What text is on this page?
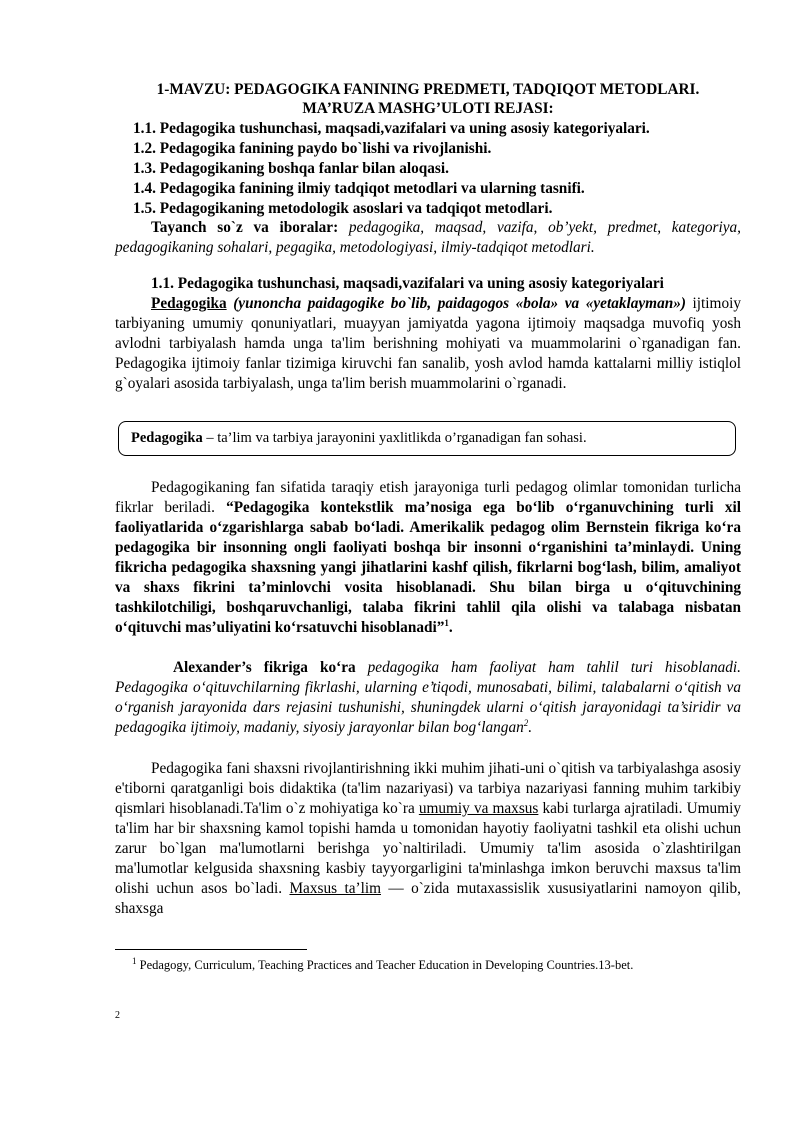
1-MAVZU: PEDAGOGIKA FANINING PREDMETI, TADQIQOT METODLARI.

MA’RUZA MASHG’ULOTI REJASI:

1.1. Pedagogika tushunchasi, maqsadi,vazifalari va uning asosiy kategoriyalari.

1.2. Pedagogika fanining paydo bo`lishi va rivojlanishi.

1.3. Pedagogikaning boshqa fanlar bilan aloqasi.

1.4. Pedagogika fanining ilmiy tadqiqot metodlari va ularning tasnifi.

1.5. Pedagogikaning metodologik asoslari va tadqiqot metodlari.

Tayanch so`z va iboralar: pedagogika, maqsad, vazifa, ob’yekt, predmet, kategoriya, pedagogikaning sohalari, pegagika, metodologiyasi, ilmiy-tadqiqot metodlari.

1.1. Pedagogika tushunchasi, maqsadi,vazifalari va uning asosiy kategoriyalari

Pedagogika (yunoncha paidagogike bo`lib, paidagogos «bola» va «yetaklayman») ijtimoiy tarbiyaning umumiy qonuniyatlari, muayyan jamiyatda yagona ijtimoiy maqsadga muvofiq yosh avlodni tarbiyalash hamda unga ta'lim berishning mohiyati va muammolarini o`rganadigan fan. Pedagogika ijtimoiy fanlar tizimiga kiruvchi fan sanalib, yosh avlod hamda kattalarni milliy istiqlol g`oyalari asosida tarbiyalash, unga ta'lim berish muammolarini o`rganadi.

Pedagogika – ta’lim va tarbiya jarayonini yaxlitlikda o’rganadigan fan sohasi.

Pedagogikaning fan sifatida taraqiy etish jarayoniga turli pedagog olimlar tomonidan turlicha fikrlar beriladi. “Pedagogika kontekstlik ma’nosiga ega bo‘lib o‘rganuvchining turli xil faoliyatlarida o‘zgarishlarga sabab bo‘ladi. Amerikalik pedagog olim Bernstein fikriga ko‘ra pedagogika bir insonning ongli faoliyati boshqa bir insonni o‘rganishini ta’minlaydi. Uning fikricha pedagogika shaxsning yangi jihatlarini kashf qilish, fikrlarni bog‘lash, bilim, amaliyot va shaxs fikrini ta’minlovchi vosita hisoblanadi. Shu bilan birga u o‘qituvchining tashkilotchiligi, boshqaruvchanligi, talaba fikrini tahlil qila olishi va talabaga nisbatan o‘qituvchi mas’uliyatini ko‘rsatuvchi hisoblanadi”$^1$.

Alexander’s fikriga ko‘ra pedagogika ham faoliyat ham tahlil turi hisoblanadi. Pedagogika o‘qituvchilarning fikrlashi, ularning e’tiqodi, munosabati, bilimi, talabalarni o‘qitish va o‘rganish jarayonida dars rejasini tushunishi, shuningdek ularni o‘qitish jarayonidagi ta’siridir va pedagogika ijtimoiy, madaniy, siyosiy jarayonlar bilan bog‘langan$^2$.

Pedagogika fani shaxsni rivojlantirishning ikki muhim jihati-uni o`qitish va tarbiyalashga asosiy e'tiborni qaratganligi bois didaktika (ta'lim nazariyasi) va tarbiya nazariyasi fanning muhim tarkibiy qismlari hisoblanadi.Ta'lim o`z mohiyatiga ko`ra umumiy va maxsus kabi turlarga ajratiladi. Umumiy ta'lim har bir shaxsning kamol topishi hamda u tomonidan hayotiy faoliyatni tashkil eta olishi uchun zarur bo`lgan ma'lumotlarni berishga yo`naltiriladi. Umumiy ta'lim asosida o`zlashtirilgan ma'lumotlar kelgusida shaxsning kasbiy tayyorgarligini ta'minlashga imkon beruvchi maxsus ta'lim olishi uchun asos bo`ladi. Maxsus ta’lim — o`zida mutaxassislik xususiyatlarini namoyon qilib, shaxsga

$^1$ Pedagogy, Curriculum, Teaching Practices and Teacher Education in Developing Countries.13-bet.

2
